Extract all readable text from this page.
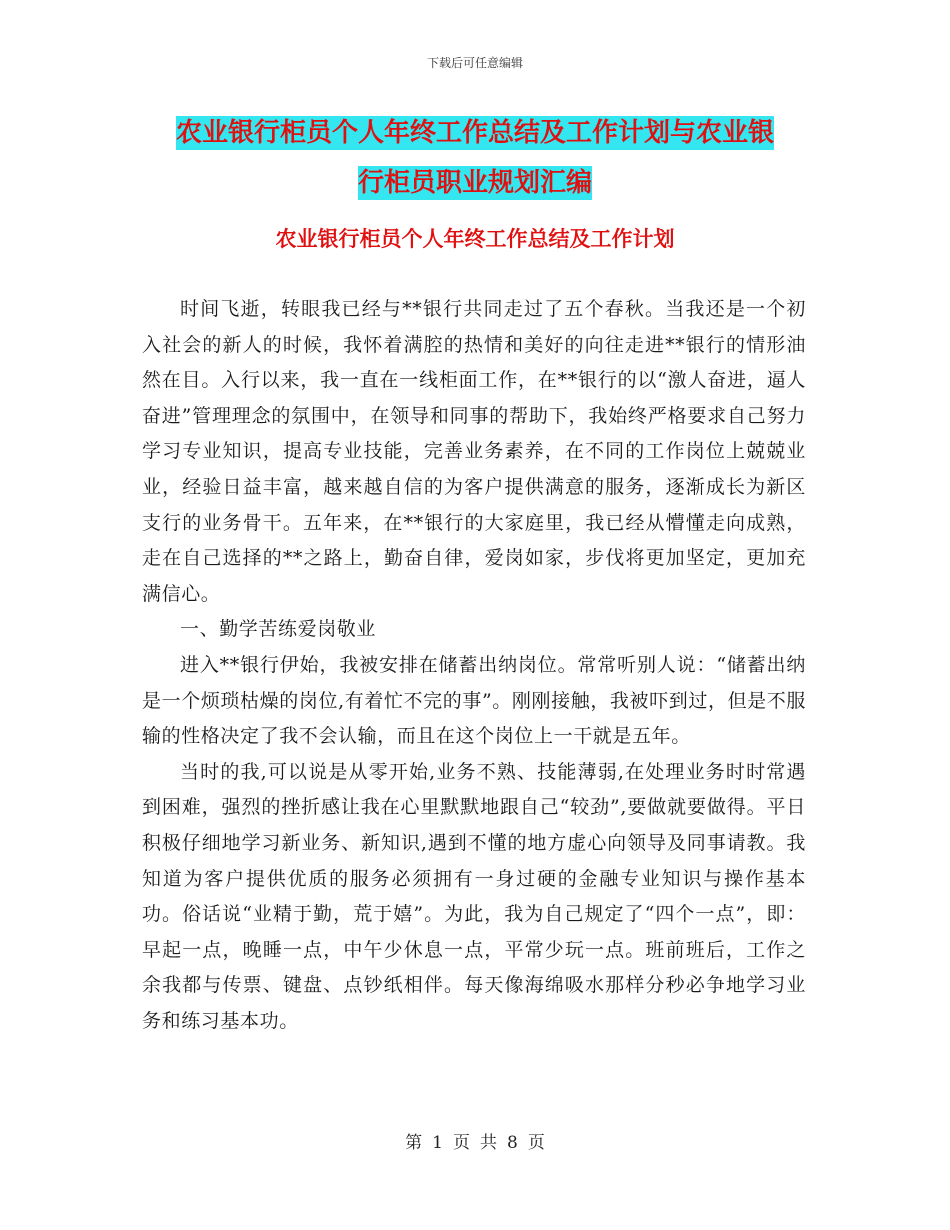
下载后可任意编辑
农业银行柜员个人年终工作总结及工作计划与农业银
行柜员职业规划汇编
农业银行柜员个人年终工作总结及工作计划

时间飞逝，转眼我已经与**银行共同走过了五个春秋。当我还是一个初入社会的新人的时候，我怀着满腔的热情和美好的向往走进**银行的情形油然在目。入行以来，我一直在一线柜面工作，在**银行的以“激人奋进，逼人奋进”管理理念的氛围中，在领导和同事的帮助下，我始终严格要求自己努力学习专业知识，提高专业技能，完善业务素养，在不同的工作岗位上兢兢业业，经验日益丰富，越来越自信的为客户提供满意的服务，逐渐成长为新区支行的业务骨干。五年来，在**银行的大家庭里，我已经从懵懂走向成熟，走在自己选择的**之路上，勤奋自律，爱岗如家，步伐将更加坚定，更加充满信心。

一、勤学苦练爱岗敬业

进入**银行伊始，我被安排在储蓄出纳岗位。常常听别人说：“储蓄出纳是一个烦琐枯燥的岗位,有着忙不完的事”。刚刚接触，我被吓到过，但是不服输的性格决定了我不会认输，而且在这个岗位上一干就是五年。

当时的我,可以说是从零开始,业务不熟、技能薄弱,在处理业务时时常遇到困难，强烈的挫折感让我在心里默默地跟自己“较劲”,要做就要做得。平日积极仔细地学习新业务、新知识,遇到不懂的地方虚心向领导及同事请教。我知道为客户提供优质的服务必须拥有一身过硬的金融专业知识与操作基本功。俗话说“业精于勤，荒于嬉”。为此，我为自己规定了“四个一点”，即：早起一点，晚睡一点，中午少休息一点，平常少玩一点。班前班后，工作之余我都与传票、键盘、点钞纸相伴。每天像海绵吸水那样分秒必争地学习业务和练习基本功。

第 1 页 共 8 页
